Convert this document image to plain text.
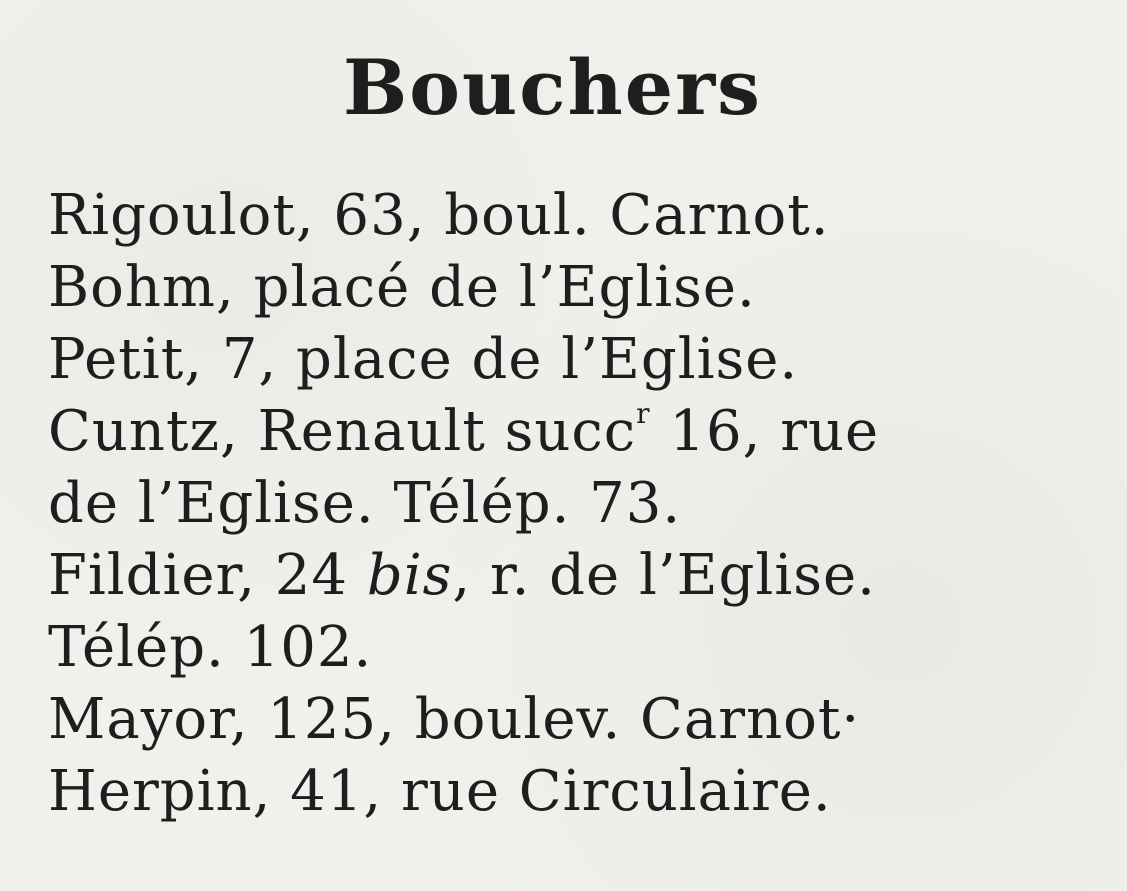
Bouchers
Rigoulot, 63, boul. Carnot.
Bohm, placé de l’Eglise.
Petit, 7, place de l’Eglise.
Cuntz, Renault succ$^r$ 16, rue
de l’Eglise. Télép. 73.
Fildier, 24 bis, r. de l’Eglise.
Télép. 102.
Mayor, 125, boulev. Carnot·
Herpin, 41, rue Circulaire.
